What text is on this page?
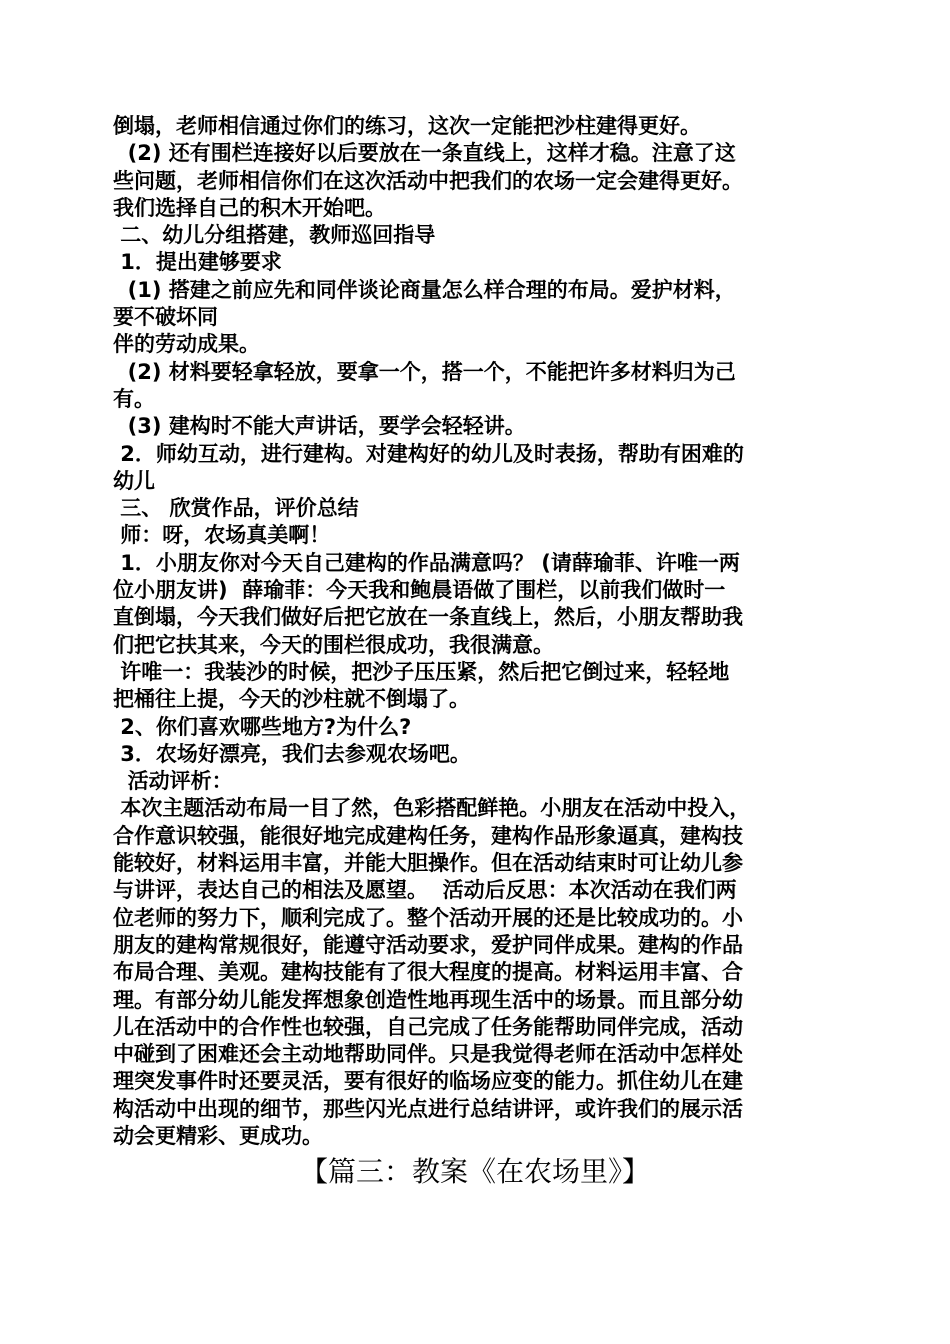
倒塌，老师相信通过你们的练习，这次一定能把沙柱建得更好。
(2) 还有围栏连接好以后要放在一条直线上，这样才稳。注意了这
些问题，老师相信你们在这次活动中把我们的农场一定会建得更好。
我们选择自己的积木开始吧。
二、幼儿分组搭建，教师巡回指导
1．提出建够要求
(1) 搭建之前应先和同伴谈论商量怎么样合理的布局。爱护材料，
要不破坏同
伴的劳动成果。
(2) 材料要轻拿轻放，要拿一个，搭一个，不能把许多材料归为己
有。
(3) 建构时不能大声讲话，要学会轻轻讲。
2．师幼互动，进行建构。对建构好的幼儿及时表扬，帮助有困难的
幼儿
三、 欣赏作品，评价总结
师：呀，农场真美啊！
1．小朋友你对今天自己建构的作品满意吗？ (请薛瑜菲、许唯一两
位小朋友讲)  薛瑜菲：今天我和鲍晨语做了围栏，以前我们做时一
直倒塌，今天我们做好后把它放在一条直线上，然后，小朋友帮助我
们把它扶其来，今天的围栏很成功，我很满意。
许唯一：我装沙的时候，把沙子压压紧，然后把它倒过来，轻轻地
把桶往上提，今天的沙柱就不倒塌了。
2、你们喜欢哪些地方?为什么?
3．农场好漂亮，我们去参观农场吧。
活动评析：
本次主题活动布局一目了然，色彩搭配鲜艳。小朋友在活动中投入，
合作意识较强，能很好地完成建构任务，建构作品形象逼真，建构技
能较好，材料运用丰富，并能大胆操作。但在活动结束时可让幼儿参
与讲评，表达自己的相法及愿望。  活动后反思：本次活动在我们两
位老师的努力下，顺利完成了。整个活动开展的还是比较成功的。小
朋友的建构常规很好，能遵守活动要求，爱护同伴成果。建构的作品
布局合理、美观。建构技能有了很大程度的提高。材料运用丰富、合
理。有部分幼儿能发挥想象创造性地再现生活中的场景。而且部分幼
儿在活动中的合作性也较强，自己完成了任务能帮助同伴完成，活动
中碰到了困难还会主动地帮助同伴。只是我觉得老师在活动中怎样处
理突发事件时还要灵活，要有很好的临场应变的能力。抓住幼儿在建
构活动中出现的细节，那些闪光点进行总结讲评，或许我们的展示活
动会更精彩、更成功。
【篇三：教案《在农场里》】
